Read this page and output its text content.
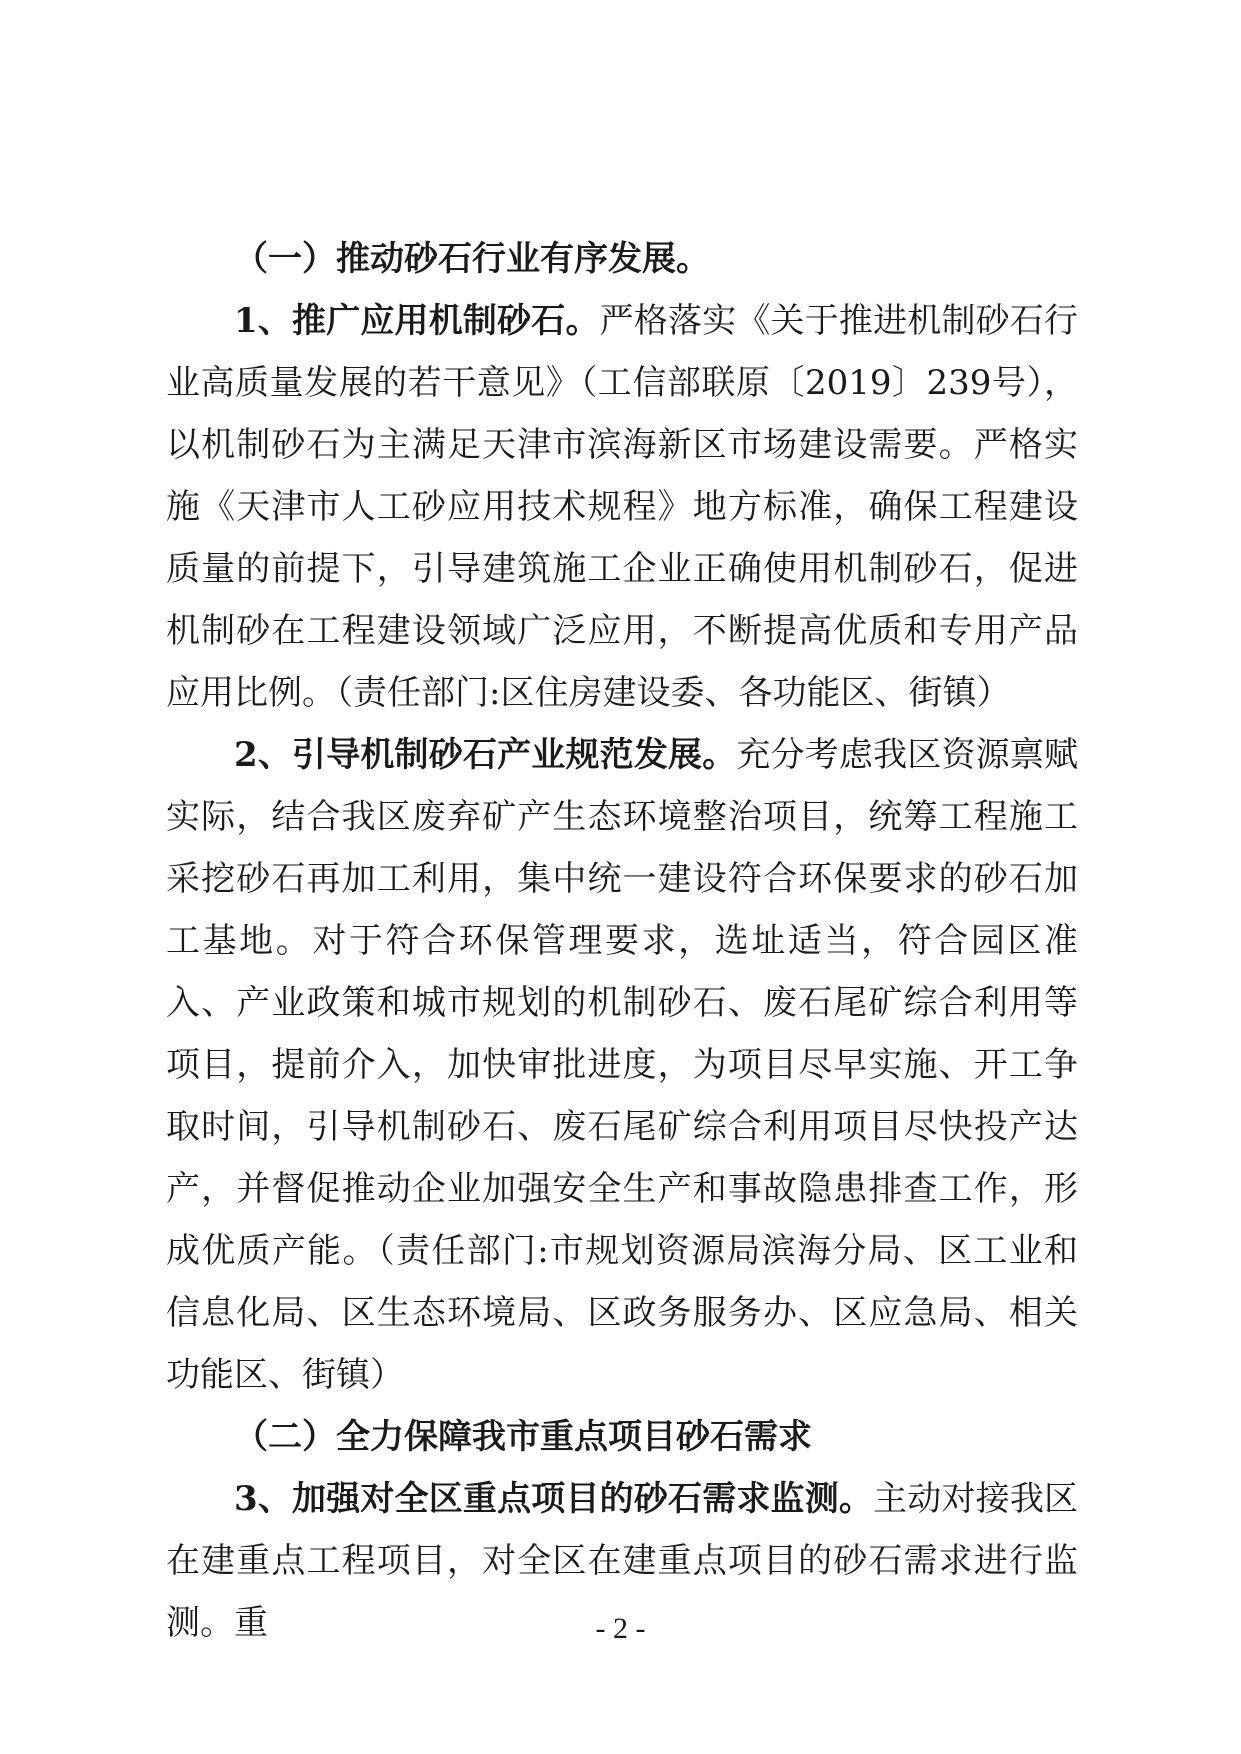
（一）推动砂石行业有序发展。

1、推广应用机制砂石。严格落实《关于推进机制砂石行业高质量发展的若干意见》（工信部联原〔2019〕239号），以机制砂石为主满足天津市滨海新区市场建设需要。严格实施《天津市人工砂应用技术规程》地方标准，确保工程建设质量的前提下，引导建筑施工企业正确使用机制砂石，促进机制砂在工程建设领域广泛应用，不断提高优质和专用产品应用比例。（责任部门:区住房建设委、各功能区、街镇）

2、引导机制砂石产业规范发展。充分考虑我区资源禀赋实际，结合我区废弃矿产生态环境整治项目，统筹工程施工采挖砂石再加工利用，集中统一建设符合环保要求的砂石加工基地。对于符合环保管理要求，选址适当，符合园区准入、产业政策和城市规划的机制砂石、废石尾矿综合利用等项目，提前介入，加快审批进度，为项目尽早实施、开工争取时间，引导机制砂石、废石尾矿综合利用项目尽快投产达产，并督促推动企业加强安全生产和事故隐患排查工作，形成优质产能。（责任部门:市规划资源局滨海分局、区工业和信息化局、区生态环境局、区政务服务办、区应急局、相关功能区、街镇）

（二）全力保障我市重点项目砂石需求

3、加强对全区重点项目的砂石需求监测。主动对接我区在建重点工程项目，对全区在建重点项目的砂石需求进行监测。重	- 2 -
